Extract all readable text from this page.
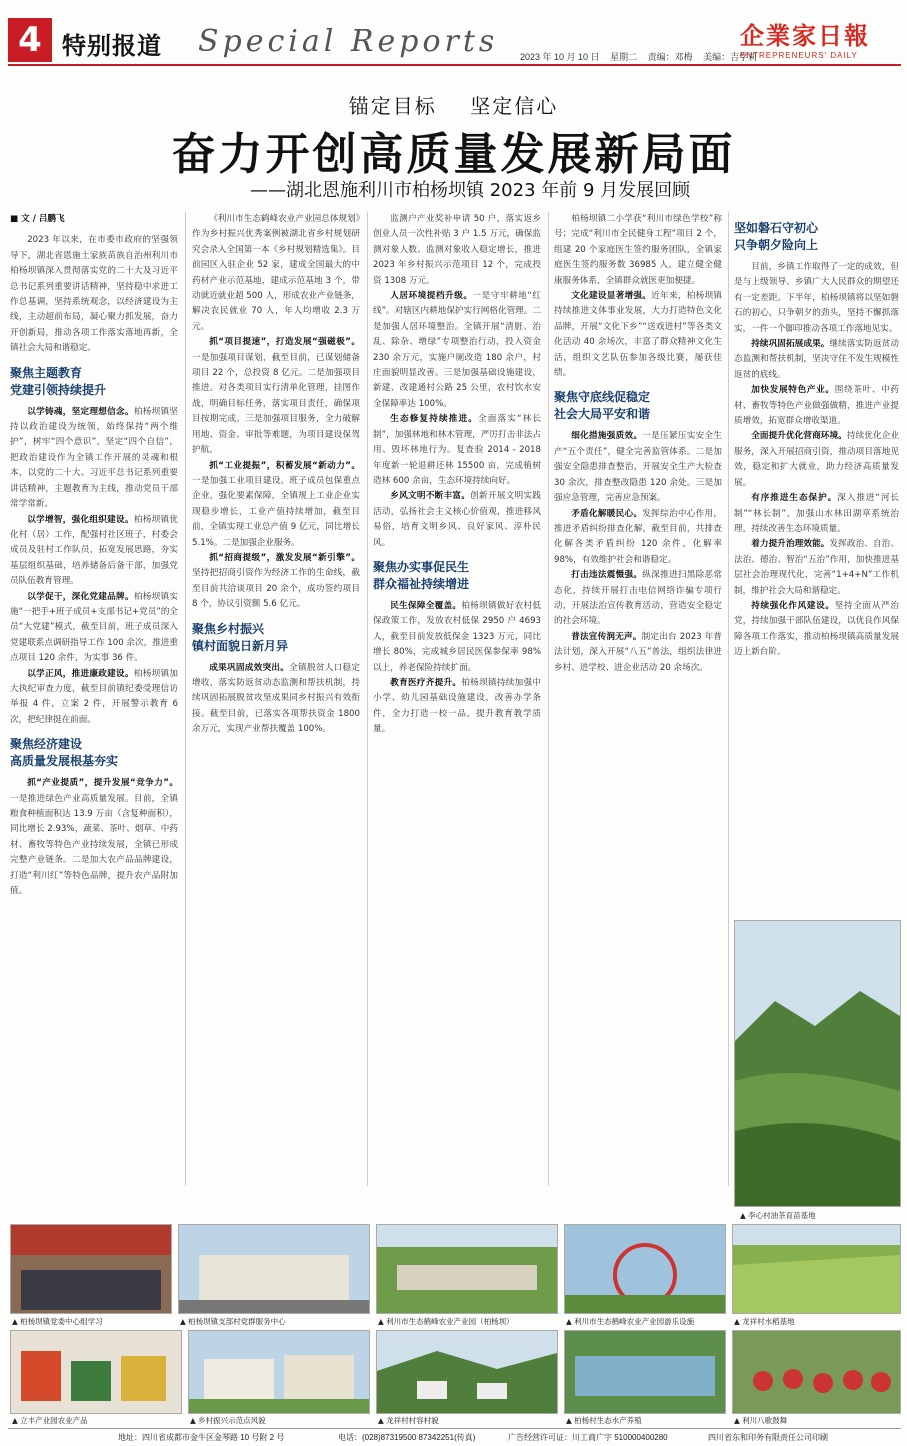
4 特别报道 Special Reports	企業家日報
ENTREPRENEURS' DAILY
2023 年 10 月 10 日 星期二 责编：邓梅 美编：吉学莉
锚定目标    坚定信心
奋力开创高质量发展新局面
——湖北恩施利川市柏杨坝镇 2023 年前 9 月发展回顾

■ 文 / 吕鹏飞

2023 年以来，在市委市政府的坚强领导下，湖北省恩施土家族苗族自治州利川市柏杨坝镇深入贯彻落实党的二十大及习近平总书记系列重要讲话精神，坚持稳中求进工作总基调，坚持系统观念，以经济建设为主线，主动超前布局，凝心聚力抓发展，奋力开创新局，推动各项工作落实落地再新，全镇社会大局和谐稳定。

聚焦主题教育
党建引领持续提升

以学铸魂，坚定理想信念。柏杨坝镇坚持以政治建设为统领，始终保持“两个维护”，树牢“四个意识”，坚定“四个自信”，把政治建设作为全镇工作开展的灵魂和根本，以党的二十大、习近平总书记系列重要讲话精神，主题教育为主线，推动党员干部常学常新。

以学增智，强化组织建设。柏杨坝镇优化村（居）工作，配强村社区班子，村委会成员及驻村工作队员，拓宽发展思路，夯实基层组织基础，培养储备后备干部，加强党员队伍教育管理。

以学促干，深化党建品牌。柏杨坝镇实施“一把手+班子成员+支部书记+党员”的全员“大党建”模式，截至目前，班子成员深入党建联系点调研指导工作 100 余次，推进重点项目 120 余件，为实事 36 件。

以学正风，推进廉政建设。柏杨坝镇加大执纪审查力度，截至目前镇纪委受理信访举报 4 件，立案 2 件，开展警示教育 6 次，把纪律挺在前面。

聚焦经济建设
高质量发展根基夯实

抓“产业提质”，提升发展“竞争力”。一是推进绿色产业高质量发展。目前，全镇粮食种植面积达 13.9 万亩（含复种面积），同比增长 2.93%，蔬菜、茶叶、烟草、中药材、畜牧等特色产业持续发展，全镇已形成完整产业链条。二是加大农产品品牌建设，打造“利川红”等特色品牌，提升农产品附加值。

《利川市生态鹤峰农业产业园总体规划》作为乡村振兴优秀案例被湖北省乡村规划研究会录入全国第一本《乡村规划精选集》。目前园区入驻企业 52 家，建成全国最大的中药材产业示范基地，建成示范基地 3 个，带动就近就业超 500 人，形成农业产业链条，解决农民就业 70 人，年人均增收 2.3 万元。

抓“项目提速”，打造发展“强磁极”。一是加强项目谋划，截至目前，已谋划储备项目 22 个，总投资 8 亿元。二是加强项目推进。对各类项目实行清单化管理，挂图作战，明确目标任务，落实项目责任，确保项目按期完成。三是加强项目服务，全力破解用地、资金、审批等难题，为项目建设保驾护航。

抓“工业提振”，积蓄发展“新动力”。一是加强工业项目建设。班子成员包保重点企业，强化要素保障，全镇规上工业企业实现稳步增长，工业产值持续增加，截至目前，全镇实现工业总产值 9 亿元，同比增长 5.1%。二是加强企业服务。

抓“招商提级”，激发发展“新引擎”。坚持把招商引资作为经济工作的生命线，截至目前共洽谈项目 20 余个，成功签约项目 8 个，协议引资额 5.6 亿元。

聚焦乡村振兴
镇村面貌日新月异

成果巩固成效突出。全镇脱贫人口稳定增收，落实防返贫动态监测和帮扶机制，持续巩固拓展脱贫攻坚成果同乡村振兴有效衔接。截至目前，已落实各项帮扶资金 1800 余万元，实现产业帮扶覆盖 100%。

监测户产业奖补申请 50 户，落实返乡创业人员一次性补贴 3 户 1.5 万元，确保监测对象人数、监测对象收入稳定增长，推进 2023 年乡村振兴示范项目 12 个，完成投资 1308 万元。

人居环境提档升级。一是守牢耕地“红线”。对辖区内耕地保护实行网格化管理。二是加强人居环境整治。全镇开展“清脏、治乱、除杂、增绿”专项整治行动，投入资金 230 余万元，实施户厕改造 180 余户，村庄面貌明显改善。三是加强基础设施建设，新建、改建通村公路 25 公里，农村饮水安全保障率达 100%。

生态修复持续推进。全面落实“林长制”，加强林地和林木管理，严厉打击非法占用、毁坏林地行为。复查验 2014 - 2018 年度新一轮退耕还林 15500 亩，完成植树造林 600 余亩，生态环境持续向好。

乡风文明不断丰富。创新开展文明实践活动，弘扬社会主义核心价值观，推进移风易俗，培育文明乡风、良好家风、淳朴民风。

聚焦办实事促民生
群众福祉持续增进

民生保障全覆盖。柏杨坝镇做好农村低保政策工作，发放农村低保 2950 户 4693 人，截至目前发放低保金 1323 万元，同比增长 80%，完成城乡居民医保参保率 98% 以上，养老保险持续扩面。

教育医疗齐提升。柏杨坝镇持续加强中小学、幼儿园基础设施建设，改善办学条件，全力打造一校一品，提升教育教学质量。

柏杨坝镇二小学获“利川市绿色学校”称号；完成“利川市全民健身工程”项目 2 个，组建 20 个家庭医生签约服务团队，全镇家庭医生签约服务数 36985 人，建立健全健康服务体系，全镇群众就医更加便捷。

文化建设显著增强。近年来，柏杨坝镇持续推进文体事业发展，大力打造特色文化品牌，开展“文化下乡”“送戏进村”等各类文化活动 40 余场次，丰富了群众精神文化生活，组织文艺队伍参加各级比赛，屡获佳绩。

聚焦守底线促稳定
社会大局平安和谐

细化措施强质效。一是压紧压实安全生产“五个责任”，健全完善监管体系。二是加强安全隐患排查整治，开展安全生产大检查 30 余次，排查整改隐患 120 余处。三是加强应急管理，完善应急预案。

矛盾化解暖民心。发挥综治中心作用，推进矛盾纠纷排查化解，截至目前，共排查化解各类矛盾纠纷 120 余件，化解率 98%，有效维护社会和谐稳定。

打击违法震慑强。纵深推进扫黑除恶常态化，持续开展打击电信网络诈骗专项行动，开展法治宣传教育活动，营造安全稳定的社会环境。

普法宣传润无声。制定出台 2023 年普法计划，深入开展“八五”普法，组织法律进乡村、进学校、进企业活动 20 余场次。

坚如磐石守初心
只争朝夕险向上

目前，乡镇工作取得了一定的成效，但是与上级领导、乡镇广大人民群众的期望还有一定差距。下半年，柏杨坝镇将以坚如磐石的初心，只争朝夕的劲头，坚持不懈抓落实，一件一个脚印推动各项工作落地见实。

持续巩固拓展成果。继续落实防返贫动态监测和帮扶机制，坚决守住不发生规模性返贫的底线。

加快发展特色产业。围绕茶叶、中药材、畜牧等特色产业做强做精，推进产业提质增效，拓宽群众增收渠道。

全面提升优化营商环境。持续优化企业服务，深入开展招商引资，推动项目落地见效，稳定和扩大就业，助力经济高质量发展。

有序推进生态保护。深入推进“河长制”“林长制”，加强山水林田湖草系统治理，持续改善生态环境质量。

着力提升治理效能。发挥政治、自治、法治、德治、智治“五治”作用，加快推进基层社会治理现代化，完善“1+4+N”工作机制，维护社会大局和谐稳定。

持续强化作风建设。坚持全面从严治党，持续加强干部队伍建设，以优良作风保障各项工作落实，推动柏杨坝镇高质量发展迈上新台阶。

▲ 李心村油茶育苗基地
▲ 柏杨坝镇党委中心组学习	▲ 柏杨坝镇支部村党群服务中心	▲ 利川市生态鹤峰农业产业园（柏杨坝）	▲ 利川市生态鹤峰农业产业园游乐设施	▲ 龙祥村水稻基地
▲ 立丰产业园农业产品	▲ 乡村振兴示范点风貌	▲ 龙祥村村容村貌	▲ 柏杨村生态水产养殖	▲ 利川八歌鼓舞
地址：四川省成都市金牛区金琴路 10 号附 2 号	电话：(028)87319500 87342251(传真)	广告经营许可证：川工商广字 510000400280	四川省东和印务有限责任公司印刷
